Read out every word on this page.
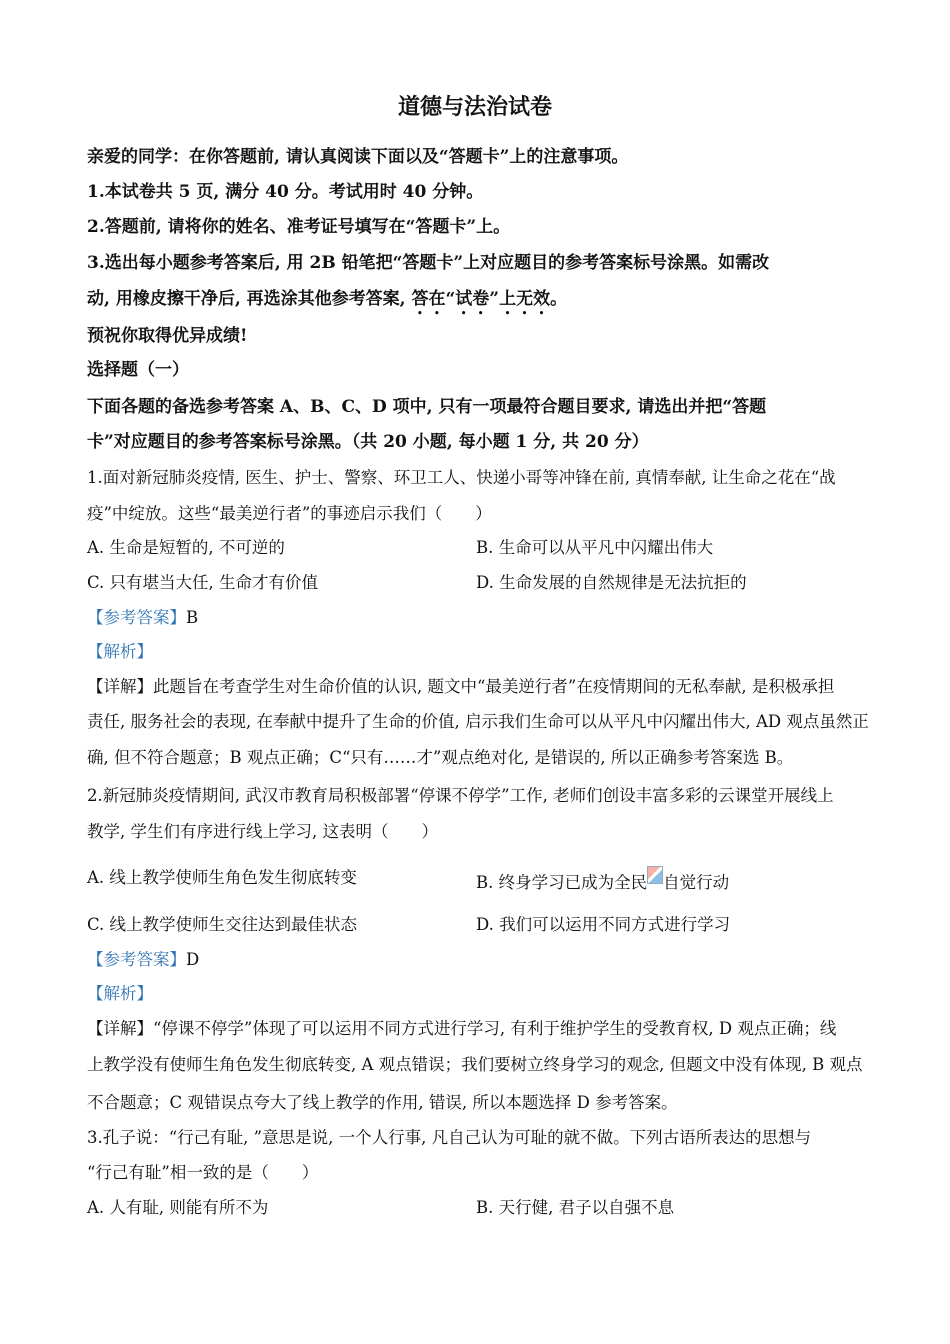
道德与法治试卷
亲爱的同学：在你答题前, 请认真阅读下面以及“答题卡”上的注意事项。
1.本试卷共 5 页, 满分 40 分。考试用时 40 分钟。
2.答题前, 请将你的姓名、准考证号填写在“答题卡”上。
3.选出每小题参考答案后, 用 2B 铅笔把“答题卡”上对应题目的参考答案标号涂黑。如需改
动, 用橡皮擦干净后, 再选涂其他参考答案, 答在“试卷”上无效。
预祝你取得优异成绩!
选择题（一）
下面各题的备选参考答案 A、B、C、D 项中, 只有一项最符合题目要求, 请选出并把“答题
卡”对应题目的参考答案标号涂黑。（共 20 小题, 每小题 1 分, 共 20 分）
1.面对新冠肺炎疫情, 医生、护士、警察、环卫工人、快递小哥等冲锋在前, 真情奉献, 让生命之花在“战
疫”中绽放。这些“最美逆行者”的事迹启示我们（　　）
A. 生命是短暂的, 不可逆的	B. 生命可以从平凡中闪耀出伟大
C. 只有堪当大任, 生命才有价值	D. 生命发展的自然规律是无法抗拒的
【参考答案】B
【解析】
【详解】此题旨在考查学生对生命价值的认识, 题文中“最美逆行者”在疫情期间的无私奉献, 是积极承担
责任, 服务社会的表现, 在奉献中提升了生命的价值, 启示我们生命可以从平凡中闪耀出伟大, AD 观点虽然正
确, 但不符合题意；B 观点正确；C“只有……才”观点绝对化, 是错误的, 所以正确参考答案选 B。
2.新冠肺炎疫情期间, 武汉市教育局积极部署“停课不停学”工作, 老师们创设丰富多彩的云课堂开展线上
教学, 学生们有序进行线上学习, 这表明（　　）
A. 线上教学使师生角色发生彻底转变	B. 终身学习已成为全民 自觉行动
C. 线上教学使师生交往达到最佳状态	D. 我们可以运用不同方式进行学习
【参考答案】D
【解析】
【详解】“停课不停学”体现了可以运用不同方式进行学习, 有利于维护学生的受教育权, D 观点正确；线
上教学没有使师生角色发生彻底转变, A 观点错误；我们要树立终身学习的观念, 但题文中没有体现, B 观点
不合题意；C 观错误点夸大了线上教学的作用, 错误, 所以本题选择 D 参考答案。
3.孔子说：“行己有耻, ”意思是说, 一个人行事, 凡自己认为可耻的就不做。下列古语所表达的思想与
“行己有耻”相一致的是（　　）
A. 人有耻, 则能有所不为	B. 天行健, 君子以自强不息
